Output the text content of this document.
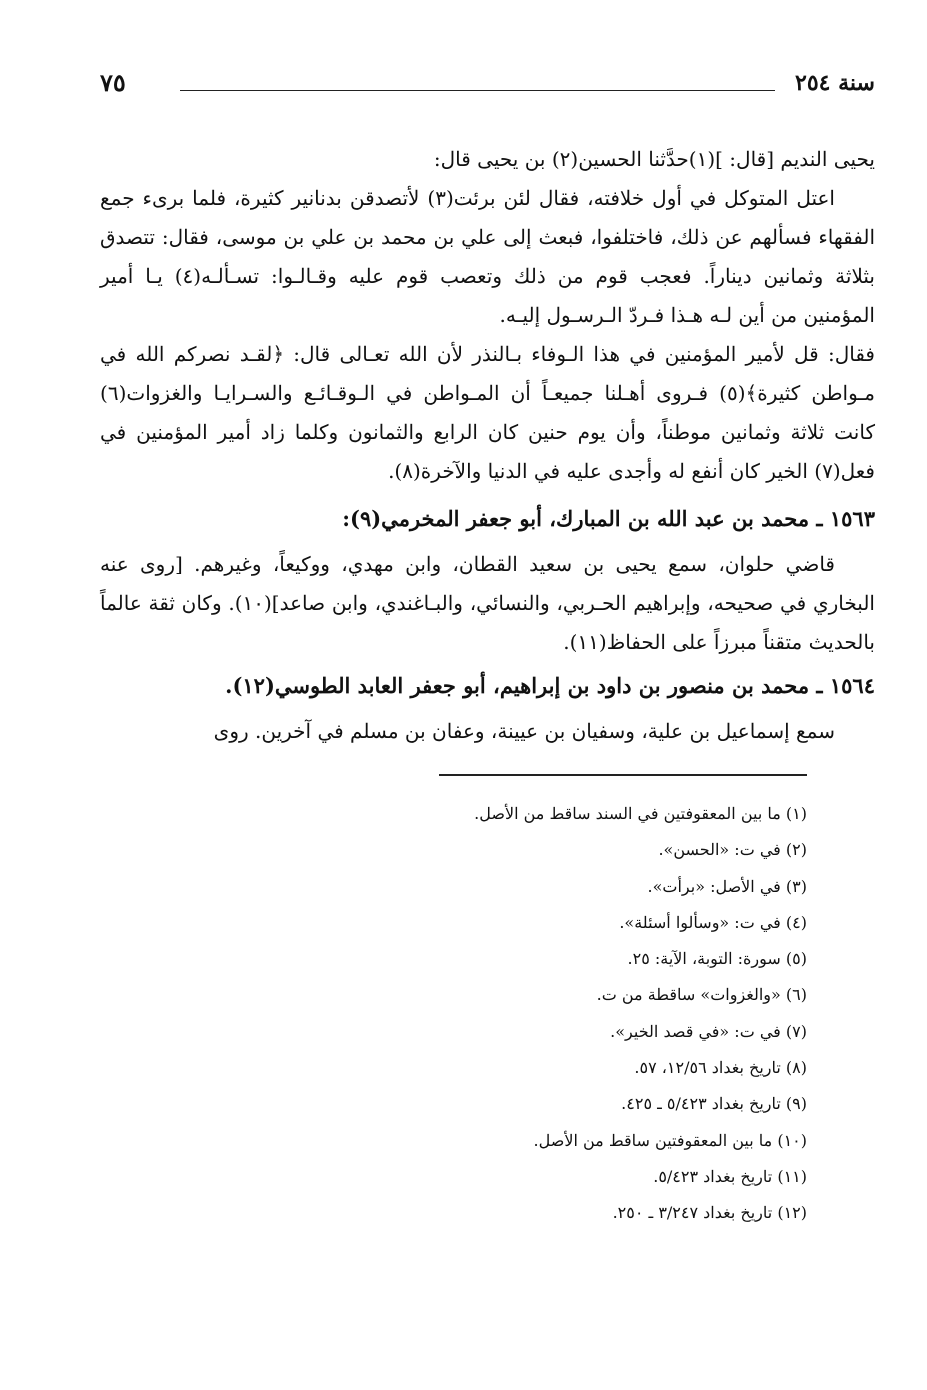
سنة ٢٥٤
٧٥

يحيى النديم [قال: ](١)حدَّثنا الحسين(٢) بن يحيى قال:

اعتل المتوكل في أول خلافته، فقال لئن برئت(٣) لأتصدقن بدنانير كثيرة، فلما برىء جمع الفقهاء فسألهم عن ذلك، فاختلفوا، فبعث إلى علي بن محمد بن علي بن موسى، فقال: تتصدق بثلاثة وثمانين ديناراً. فعجب قوم من ذلك وتعصب قوم عليه وقـالـوا: تسـألـه(٤) يـا أمير المؤمنين من أين لـه هـذا فـردّ الـرسـول إليـه.

فقال: قل لأمير المؤمنين في هذا الـوفاء بـالنذر لأن الله تعـالى قال: ﴿لقـد نصركم الله في مـواطن كثيرة﴾(٥) فـروى أهـلنا جميعـاً أن المـواطن في الـوقـائـع والسـرايـا والغزوات(٦) كانت ثلاثة وثمانين موطناً، وأن يوم حنين كان الرابع والثمانون وكلما زاد أمير المؤمنين في فعل(٧) الخير كان أنفع له وأجدى عليه في الدنيا والآخرة(٨).

١٥٦٣ ـ محمد بن عبد الله بن المبارك، أبو جعفر المخرمي(٩):

قاضي حلوان، سمع يحيى بن سعيد القطان، وابن مهدي، ووكيعاً، وغيرهم. [روى عنه البخاري في صحيحه، وإبراهيم الحـربي، والنسائي، والبـاغندي، وابن صاعد](١٠). وكان ثقة عالماً بالحديث متقناً مبرزاً على الحفاظ(١١).

١٥٦٤ ـ محمد بن منصور بن داود بن إبراهيم، أبو جعفر العابد الطوسي(١٢).

سمع إسماعيل بن علية، وسفيان بن عيينة، وعفان بن مسلم في آخرين. روى

(١) ما بين المعقوفتين في السند ساقط من الأصل.
(٢) في ت: «الحسن».
(٣) في الأصل: «برأت».
(٤) في ت: «وسألوا أسئلة».
(٥) سورة: التوبة، الآية: ٢٥.
(٦) «والغزوات» ساقطة من ت.
(٧) في ت: «في قصد الخير».
(٨) تاريخ بغداد ١٢/٥٦، ٥٧.
(٩) تاريخ بغداد ٥/٤٢٣ ـ ٤٢٥.
(١٠) ما بين المعقوفتين ساقط من الأصل.
(١١) تاريخ بغداد ٥/٤٢٣.
(١٢) تاريخ بغداد ٣/٢٤٧ ـ ٢٥٠.
